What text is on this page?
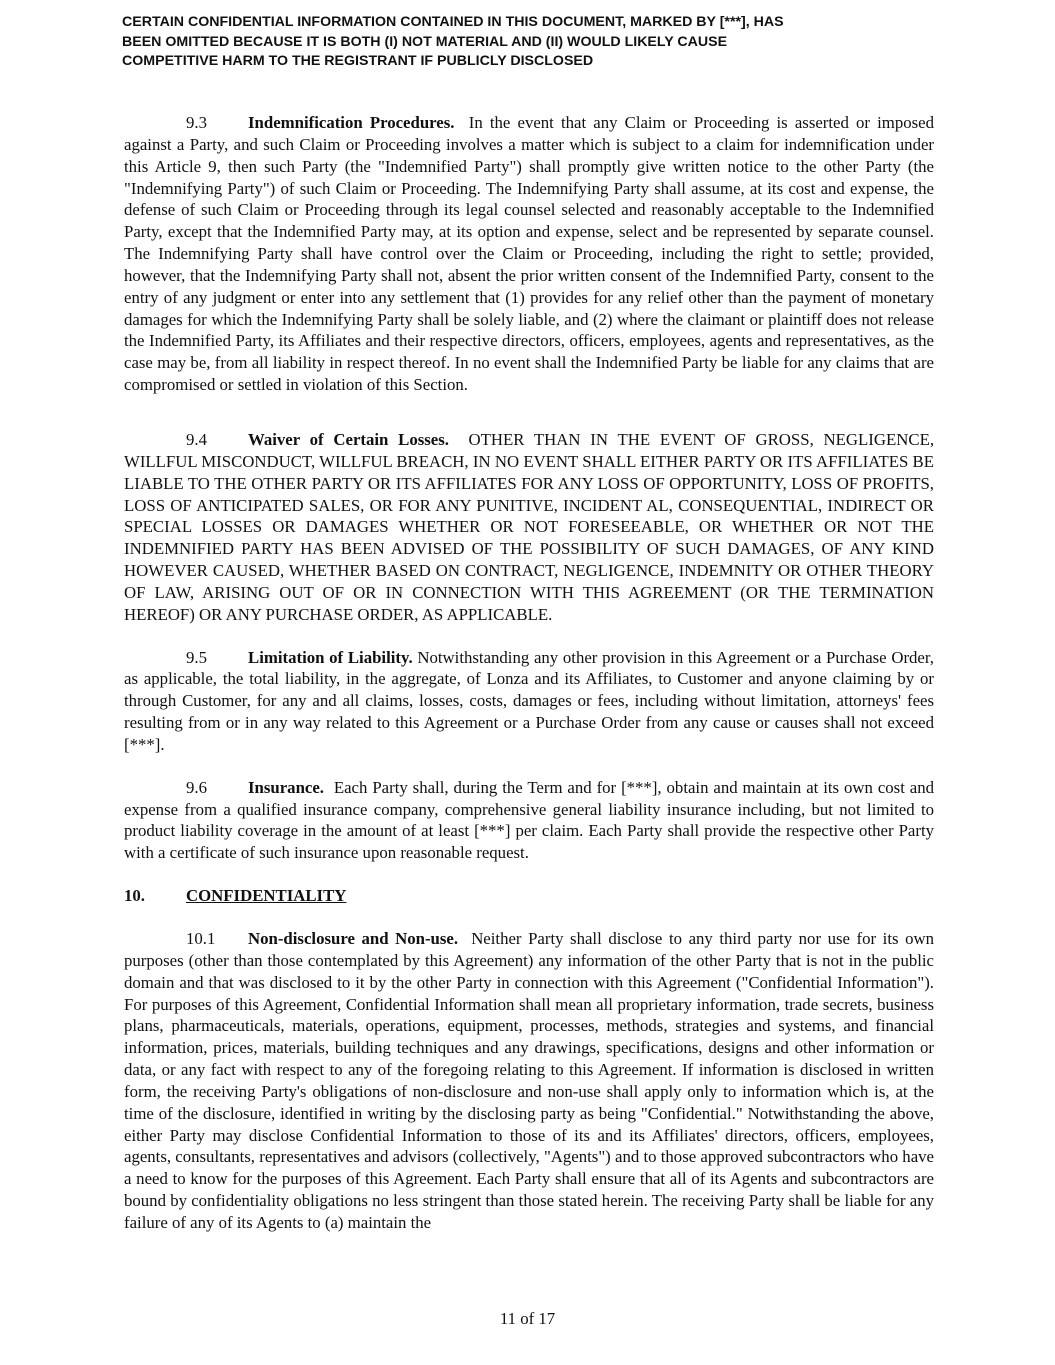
CERTAIN CONFIDENTIAL INFORMATION CONTAINED IN THIS DOCUMENT, MARKED BY [***], HAS
BEEN OMITTED BECAUSE IT IS BOTH (I) NOT MATERIAL AND (II) WOULD LIKELY CAUSE
COMPETITIVE HARM TO THE REGISTRANT IF PUBLICLY DISCLOSED

9.3 Indemnification Procedures. In the event that any Claim or Proceeding is asserted or imposed against a Party, and such Claim or Proceeding involves a matter which is subject to a claim for indemnification under this Article 9, then such Party (the "Indemnified Party") shall promptly give written notice to the other Party (the "Indemnifying Party") of such Claim or Proceeding. The Indemnifying Party shall assume, at its cost and expense, the defense of such Claim or Proceeding through its legal counsel selected and reasonably acceptable to the Indemnified Party, except that the Indemnified Party may, at its option and expense, select and be represented by separate counsel. The Indemnifying Party shall have control over the Claim or Proceeding, including the right to settle; provided, however, that the Indemnifying Party shall not, absent the prior written consent of the Indemnified Party, consent to the entry of any judgment or enter into any settlement that (1) provides for any relief other than the payment of monetary damages for which the Indemnifying Party shall be solely liable, and (2) where the claimant or plaintiff does not release the Indemnified Party, its Affiliates and their respective directors, officers, employees, agents and representatives, as the case may be, from all liability in respect thereof. In no event shall the Indemnified Party be liable for any claims that are compromised or settled in violation of this Section.

9.4 Waiver of Certain Losses. OTHER THAN IN THE EVENT OF GROSS, NEGLIGENCE, WILLFUL MISCONDUCT, WILLFUL BREACH, IN NO EVENT SHALL EITHER PARTY OR ITS AFFILIATES BE LIABLE TO THE OTHER PARTY OR ITS AFFILIATES FOR ANY LOSS OF OPPORTUNITY, LOSS OF PROFITS, LOSS OF ANTICIPATED SALES, OR FOR ANY PUNITIVE, INCIDENT AL, CONSEQUENTIAL, INDIRECT OR SPECIAL LOSSES OR DAMAGES WHETHER OR NOT FORESEEABLE, OR WHETHER OR NOT THE INDEMNIFIED PARTY HAS BEEN ADVISED OF THE POSSIBILITY OF SUCH DAMAGES, OF ANY KIND HOWEVER CAUSED, WHETHER BASED ON CONTRACT, NEGLIGENCE, INDEMNITY OR OTHER THEORY OF LAW, ARISING OUT OF OR IN CONNECTION WITH THIS AGREEMENT (OR THE TERMINATION HEREOF) OR ANY PURCHASE ORDER, AS APPLICABLE.

9.5 Limitation of Liability. Notwithstanding any other provision in this Agreement or a Purchase Order, as applicable, the total liability, in the aggregate, of Lonza and its Affiliates, to Customer and anyone claiming by or through Customer, for any and all claims, losses, costs, damages or fees, including without limitation, attorneys' fees resulting from or in any way related to this Agreement or a Purchase Order from any cause or causes shall not exceed [***].

9.6 Insurance. Each Party shall, during the Term and for [***], obtain and maintain at its own cost and expense from a qualified insurance company, comprehensive general liability insurance including, but not limited to product liability coverage in the amount of at least [***] per claim. Each Party shall provide the respective other Party with a certificate of such insurance upon reasonable request.

10. CONFIDENTIALITY

10.1 Non-disclosure and Non-use. Neither Party shall disclose to any third party nor use for its own purposes (other than those contemplated by this Agreement) any information of the other Party that is not in the public domain and that was disclosed to it by the other Party in connection with this Agreement ("Confidential Information"). For purposes of this Agreement, Confidential Information shall mean all proprietary information, trade secrets, business plans, pharmaceuticals, materials, operations, equipment, processes, methods, strategies and systems, and financial information, prices, materials, building techniques and any drawings, specifications, designs and other information or data, or any fact with respect to any of the foregoing relating to this Agreement. If information is disclosed in written form, the receiving Party's obligations of non-disclosure and non-use shall apply only to information which is, at the time of the disclosure, identified in writing by the disclosing party as being "Confidential." Notwithstanding the above, either Party may disclose Confidential Information to those of its and its Affiliates' directors, officers, employees, agents, consultants, representatives and advisors (collectively, "Agents") and to those approved subcontractors who have a need to know for the purposes of this Agreement. Each Party shall ensure that all of its Agents and subcontractors are bound by confidentiality obligations no less stringent than those stated herein. The receiving Party shall be liable for any failure of any of its Agents to (a) maintain the

11 of 17
